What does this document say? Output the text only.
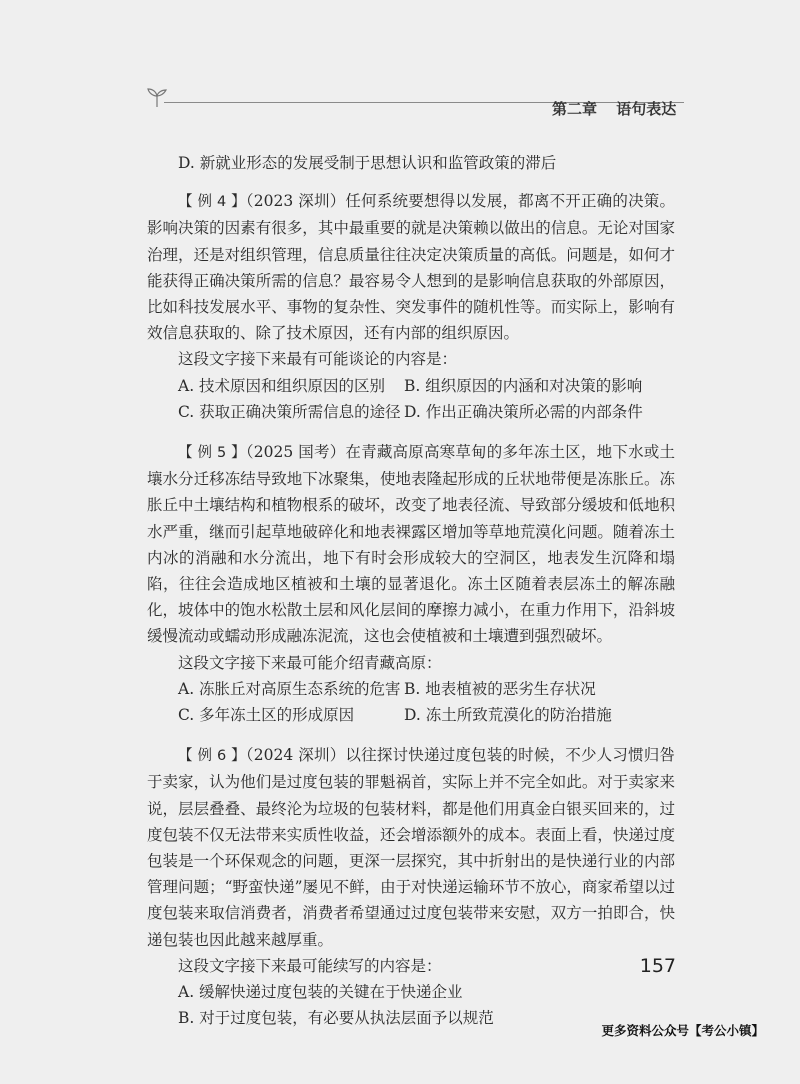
第二章 语句表达

D. 新就业形态的发展受制于思想认识和监管政策的滞后

【 例 4 】（2023 深圳）任何系统要想得以发展，都离不开正确的决策。影响决策的因素有很多，其中最重要的就是决策赖以做出的信息。无论对国家治理，还是对组织管理，信息质量往往决定决策质量的高低。问题是，如何才能获得正确决策所需的信息？最容易令人想到的是影响信息获取的外部原因，比如科技发展水平、事物的复杂性、突发事件的随机性等。而实际上，影响有效信息获取的、除了技术原因，还有内部的组织原因。

这段文字接下来最有可能谈论的内容是：

A. 技术原因和组织原因的区别	B. 组织原因的内涵和对决策的影响
C. 获取正确决策所需信息的途径 D. 作出正确决策所必需的内部条件

【 例 5 】（2025 国考）在青藏高原高寒草甸的多年冻土区，地下水或土壤水分迁移冻结导致地下冰聚集，使地表隆起形成的丘状地带便是冻胀丘。冻胀丘中土壤结构和植物根系的破坏，改变了地表径流、导致部分缓坡和低地积水严重，继而引起草地破碎化和地表裸露区增加等草地荒漠化问题。随着冻土内冰的消融和水分流出，地下有时会形成较大的空洞区，地表发生沉降和塌陷，往往会造成地区植被和土壤的显著退化。冻土区随着表层冻土的解冻融化，坡体中的饱水松散土层和风化层间的摩擦力减小，在重力作用下，沿斜坡缓慢流动或蠕动形成融冻泥流，这也会使植被和土壤遭到强烈破坏。

这段文字接下来最可能介绍青藏高原：

A. 冻胀丘对高原生态系统的危害 B. 地表植被的恶劣生存状况
C. 多年冻土区的形成原因	D. 冻土所致荒漠化的防治措施

【 例 6 】（2024 深圳）以往探讨快递过度包装的时候，不少人习惯归咎于卖家，认为他们是过度包装的罪魁祸首，实际上并不完全如此。对于卖家来说，层层叠叠、最终沦为垃圾的包装材料，都是他们用真金白银买回来的，过度包装不仅无法带来实质性收益，还会增添额外的成本。表面上看，快递过度包装是一个环保观念的问题，更深一层探究，其中折射出的是快递行业的内部管理问题；“野蛮快递”屡见不鲜，由于对快递运输环节不放心，商家希望以过度包装来取信消费者，消费者希望通过过度包装带来安慰，双方一拍即合，快递包装也因此越来越厚重。

这段文字接下来最可能续写的内容是：

A. 缓解快递过度包装的关键在于快递企业

B. 对于过度包装，有必要从执法层面予以规范

157
更多资料公众号【考公小镇】
